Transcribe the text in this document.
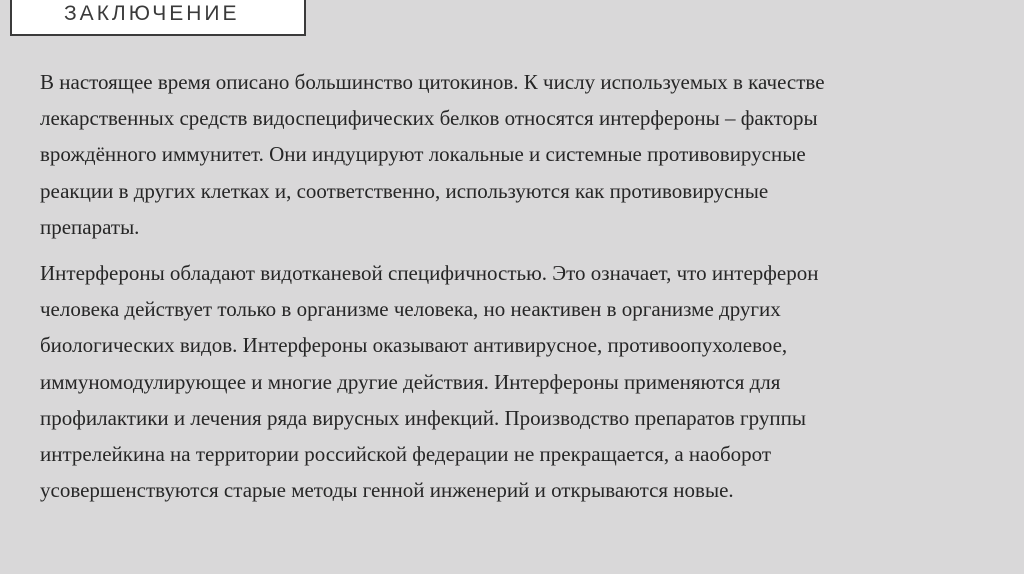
ЗАКЛЮЧЕНИЕ

В настоящее время описано большинство цитокинов. К числу используемых в качестве
лекарственных средств видоспецифических белков относятся интерфероны – факторы
врождённого иммунитет. Они индуцируют локальные и системные противовирусные
реакции в других клетках и, соответственно, используются как противовирусные
препараты.

Интерфероны обладают видотканевой специфичностью. Это означает, что интерферон
человека действует только в организме человека, но неактивен в организме других
биологических видов. Интерфероны оказывают антивирусное, противоопухолевое,
иммуномодулирующее и многие другие действия. Интерфероны применяются для
профилактики и лечения ряда вирусных инфекций. Производство препаратов группы
интрелейкина на территории российской федерации не прекращается, а наоборот
усовершенствуются старые методы генной инженерий и открываются новые.
